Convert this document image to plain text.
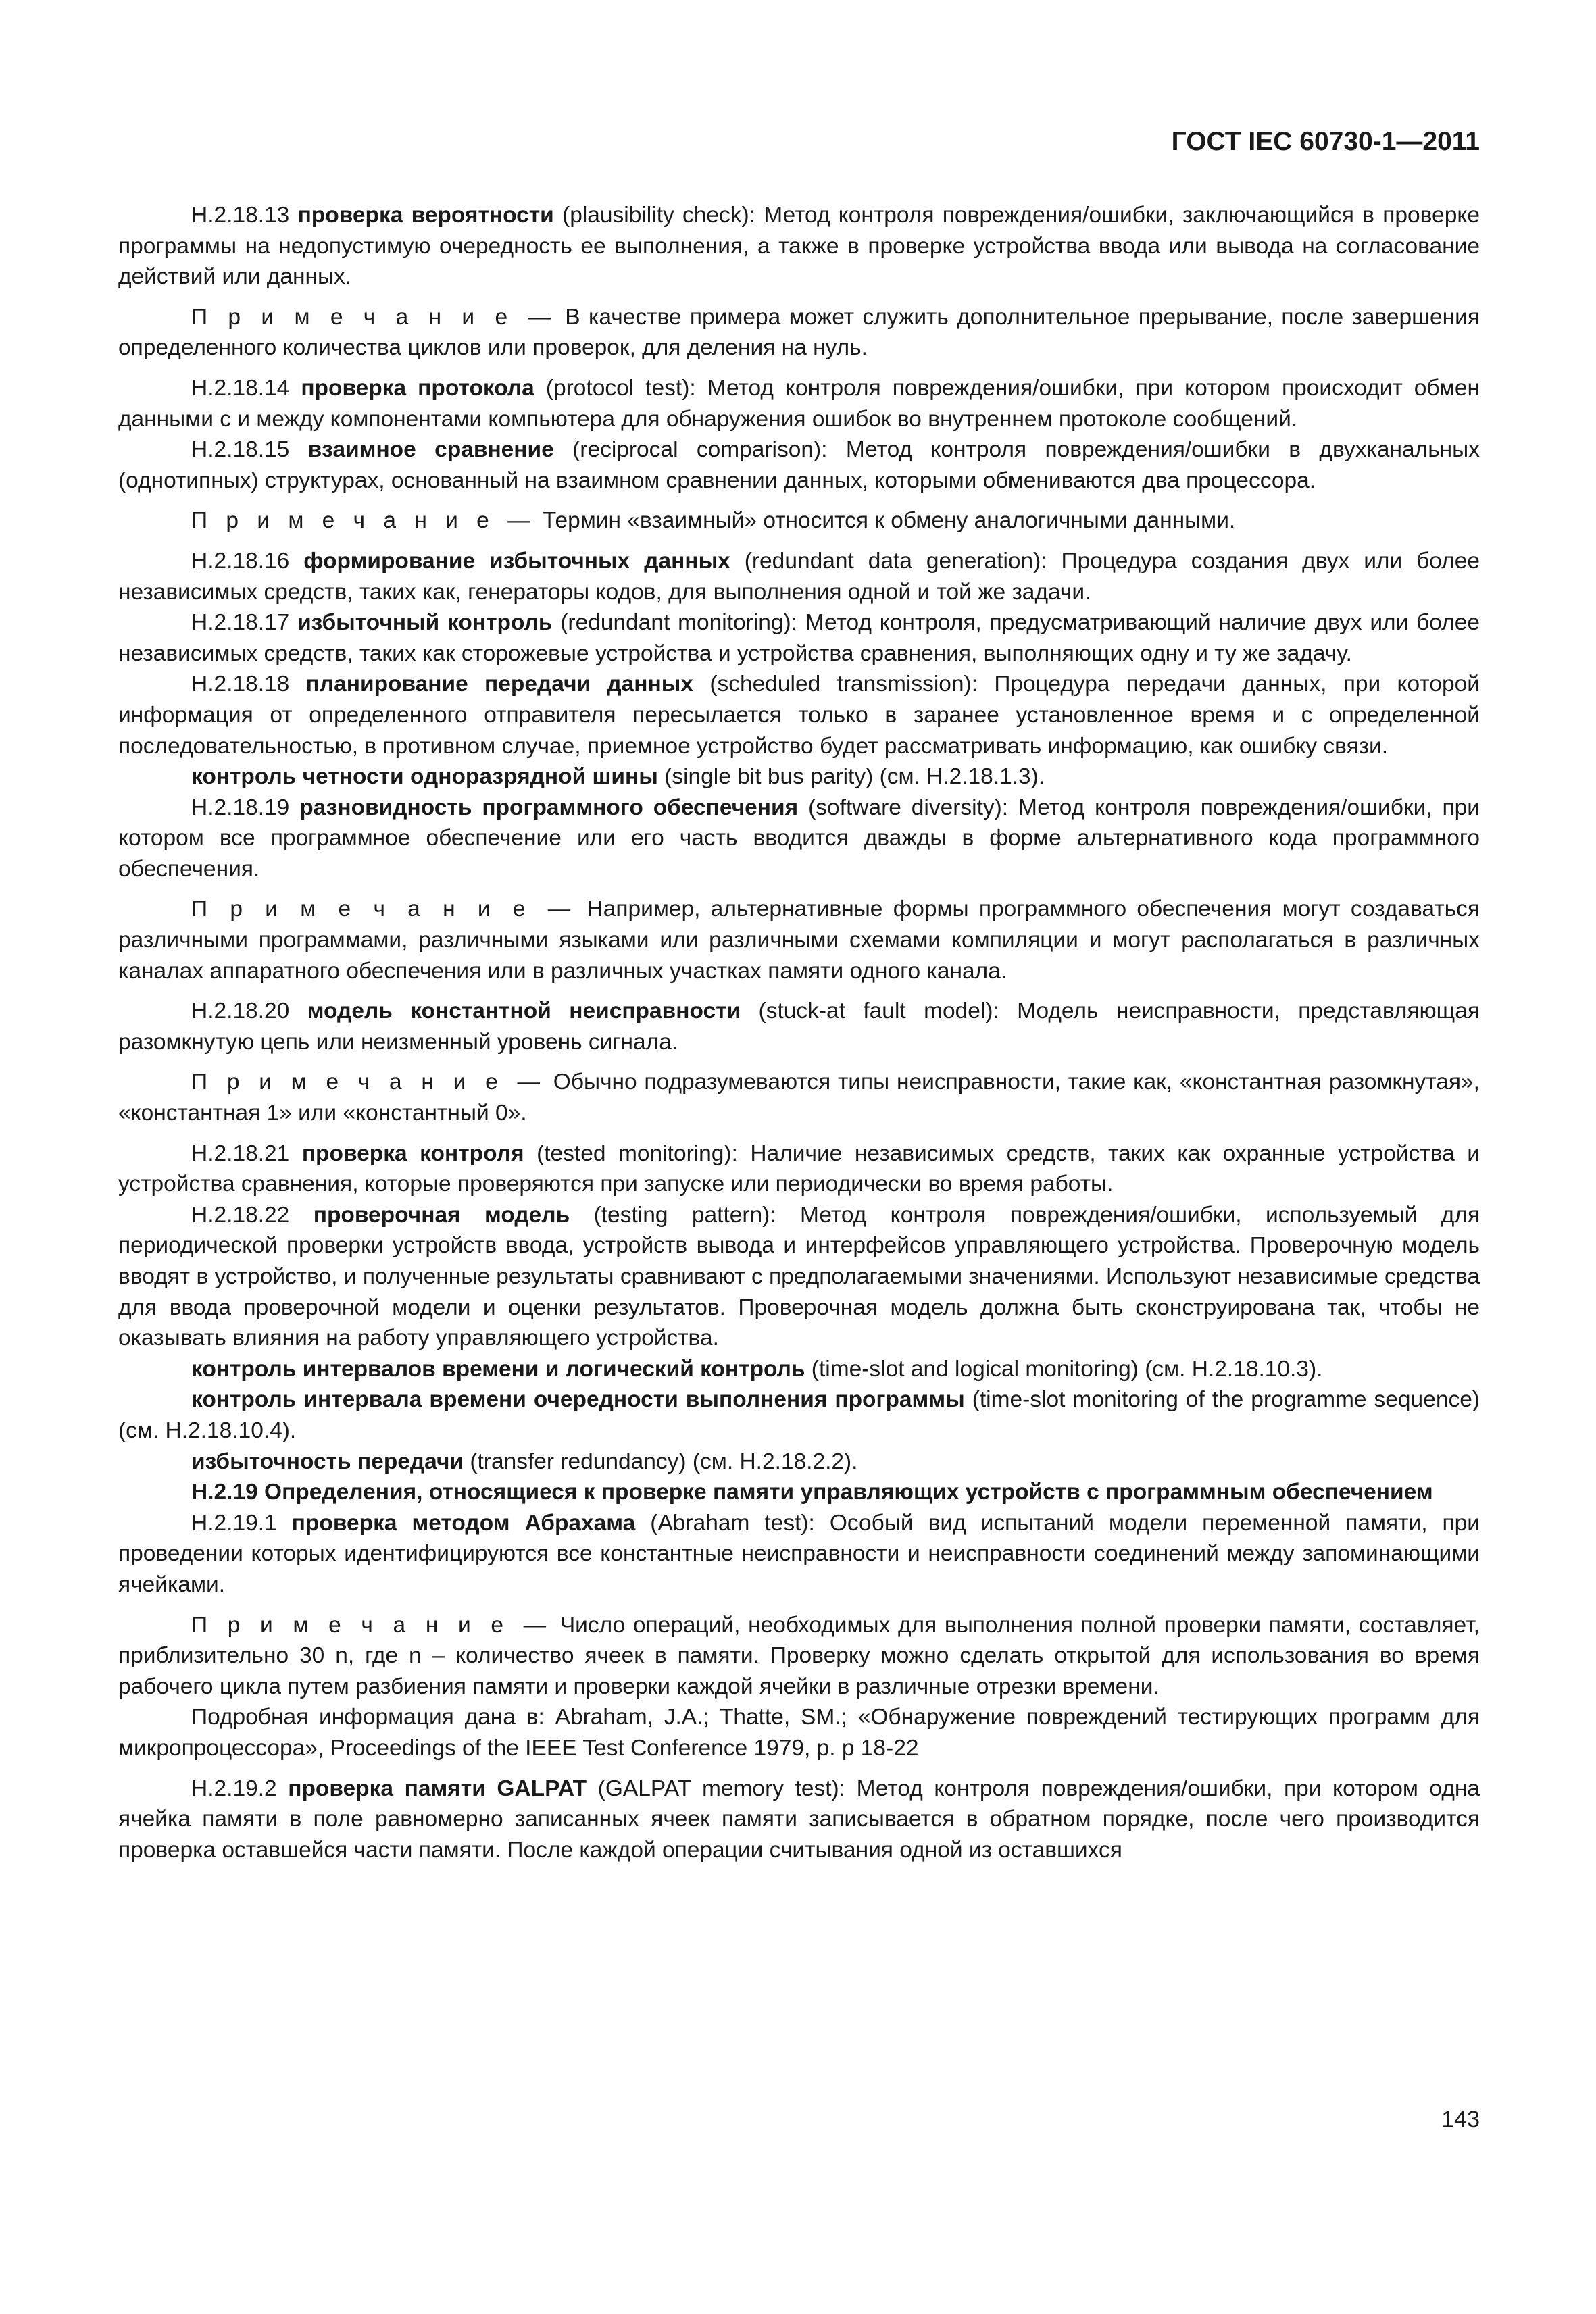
ГОСТ IEC 60730-1—2011

H.2.18.13 проверка вероятности (plausibility check): Метод контроля повреждения/ошибки, заключающийся в проверке программы на недопустимую очередность ее выполнения, а также в проверке устройства ввода или вывода на согласование действий или данных.

П р и м е ч а н и е — В качестве примера может служить дополнительное прерывание, после завершения определенного количества циклов или проверок, для деления на нуль.

H.2.18.14 проверка протокола (protocol test): Метод контроля повреждения/ошибки, при котором происходит обмен данными с и между компонентами компьютера для обнаружения ошибок во внутреннем протоколе сообщений.

H.2.18.15 взаимное сравнение (reciprocal comparison): Метод контроля повреждения/ошибки в двухканальных (однотипных) структурах, основанный на взаимном сравнении данных, которыми обмениваются два процессора.

П р и м е ч а н и е — Термин «взаимный» относится к обмену аналогичными данными.

H.2.18.16 формирование избыточных данных (redundant data generation): Процедура создания двух или более независимых средств, таких как, генераторы кодов, для выполнения одной и той же задачи.

H.2.18.17 избыточный контроль (redundant monitoring): Метод контроля, предусматривающий наличие двух или более независимых средств, таких как сторожевые устройства и устройства сравнения, выполняющих одну и ту же задачу.

H.2.18.18 планирование передачи данных (scheduled transmission): Процедура передачи данных, при которой информация от определенного отправителя пересылается только в заранее установленное время и с определенной последовательностью, в противном случае, приемное устройство будет рассматривать информацию, как ошибку связи.

контроль четности одноразрядной шины (single bit bus parity) (см. H.2.18.1.3).

H.2.18.19 разновидность программного обеспечения (software diversity): Метод контроля повреждения/ошибки, при котором все программное обеспечение или его часть вводится дважды в форме альтернативного кода программного обеспечения.

П р и м е ч а н и е — Например, альтернативные формы программного обеспечения могут создаваться различными программами, различными языками или различными схемами компиляции и могут располагаться в различных каналах аппаратного обеспечения или в различных участках памяти одного канала.

H.2.18.20 модель константной неисправности (stuck-at fault model): Модель неисправности, представляющая разомкнутую цепь или неизменный уровень сигнала.

П р и м е ч а н и е — Обычно подразумеваются типы неисправности, такие как, «константная разомкнутая», «константная 1» или «константный 0».

H.2.18.21 проверка контроля (tested monitoring): Наличие независимых средств, таких как охранные устройства и устройства сравнения, которые проверяются при запуске или периодически во время работы.

H.2.18.22 проверочная модель (testing pattern): Метод контроля повреждения/ошибки, используемый для периодической проверки устройств ввода, устройств вывода и интерфейсов управляющего устройства. Проверочную модель вводят в устройство, и полученные результаты сравнивают с предполагаемыми значениями. Используют независимые средства для ввода проверочной модели и оценки результатов. Проверочная модель должна быть сконструирована так, чтобы не оказывать влияния на работу управляющего устройства.

контроль интервалов времени и логический контроль (time-slot and logical monitoring) (см. H.2.18.10.3).

контроль интервала времени очередности выполнения программы (time-slot monitoring of the programme sequence) (см. H.2.18.10.4).

избыточность передачи (transfer redundancy) (см. H.2.18.2.2).

H.2.19 Определения, относящиеся к проверке памяти управляющих устройств с программным обеспечением

H.2.19.1 проверка методом Абрахама (Abraham test): Особый вид испытаний модели переменной памяти, при проведении которых идентифицируются все константные неисправности и неисправности соединений между запоминающими ячейками.

П р и м е ч а н и е — Число операций, необходимых для выполнения полной проверки памяти, составляет, приблизительно 30 n, где n – количество ячеек в памяти. Проверку можно сделать открытой для использования во время рабочего цикла путем разбиения памяти и проверки каждой ячейки в различные отрезки времени.

Подробная информация дана в: Abraham, J.A.; Thatte, SM.; «Обнаружение повреждений тестирующих программ для микропроцессора», Proceedings of the IEEE Test Conference 1979, p. p 18-22

H.2.19.2 проверка памяти GALPAT (GALPAT memory test): Метод контроля повреждения/ошибки, при котором одна ячейка памяти в поле равномерно записанных ячеек памяти записывается в обратном порядке, после чего производится проверка оставшейся части памяти. После каждой операции считывания одной из оставшихся

143
